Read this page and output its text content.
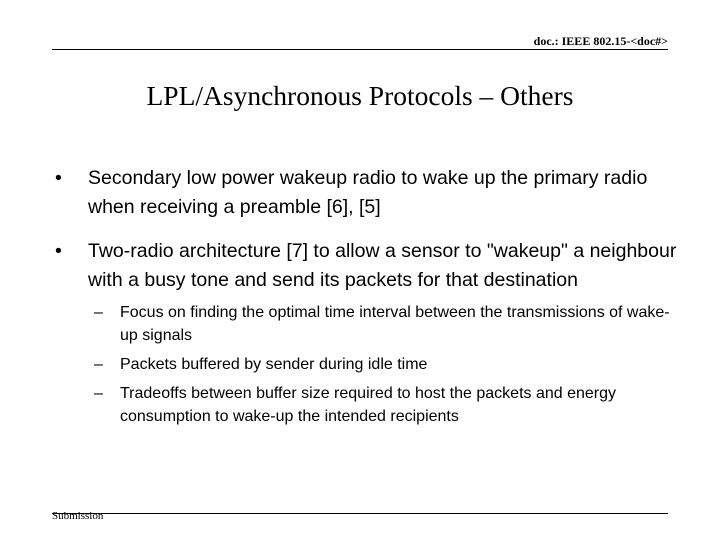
doc.: IEEE 802.15-<doc#>
LPL/Asynchronous Protocols – Others
• Secondary low power wakeup radio to wake up the primary radio when receiving a preamble [6], [5]
• Two-radio architecture [7] to allow a sensor to "wakeup" a neighbour with a busy tone and send its packets for that destination
– Focus on finding the optimal time interval between the transmissions of wake-up signals
– Packets buffered by sender during idle time
– Tradeoffs between buffer size required to host the packets and energy consumption to wake-up the intended recipients
Submission
